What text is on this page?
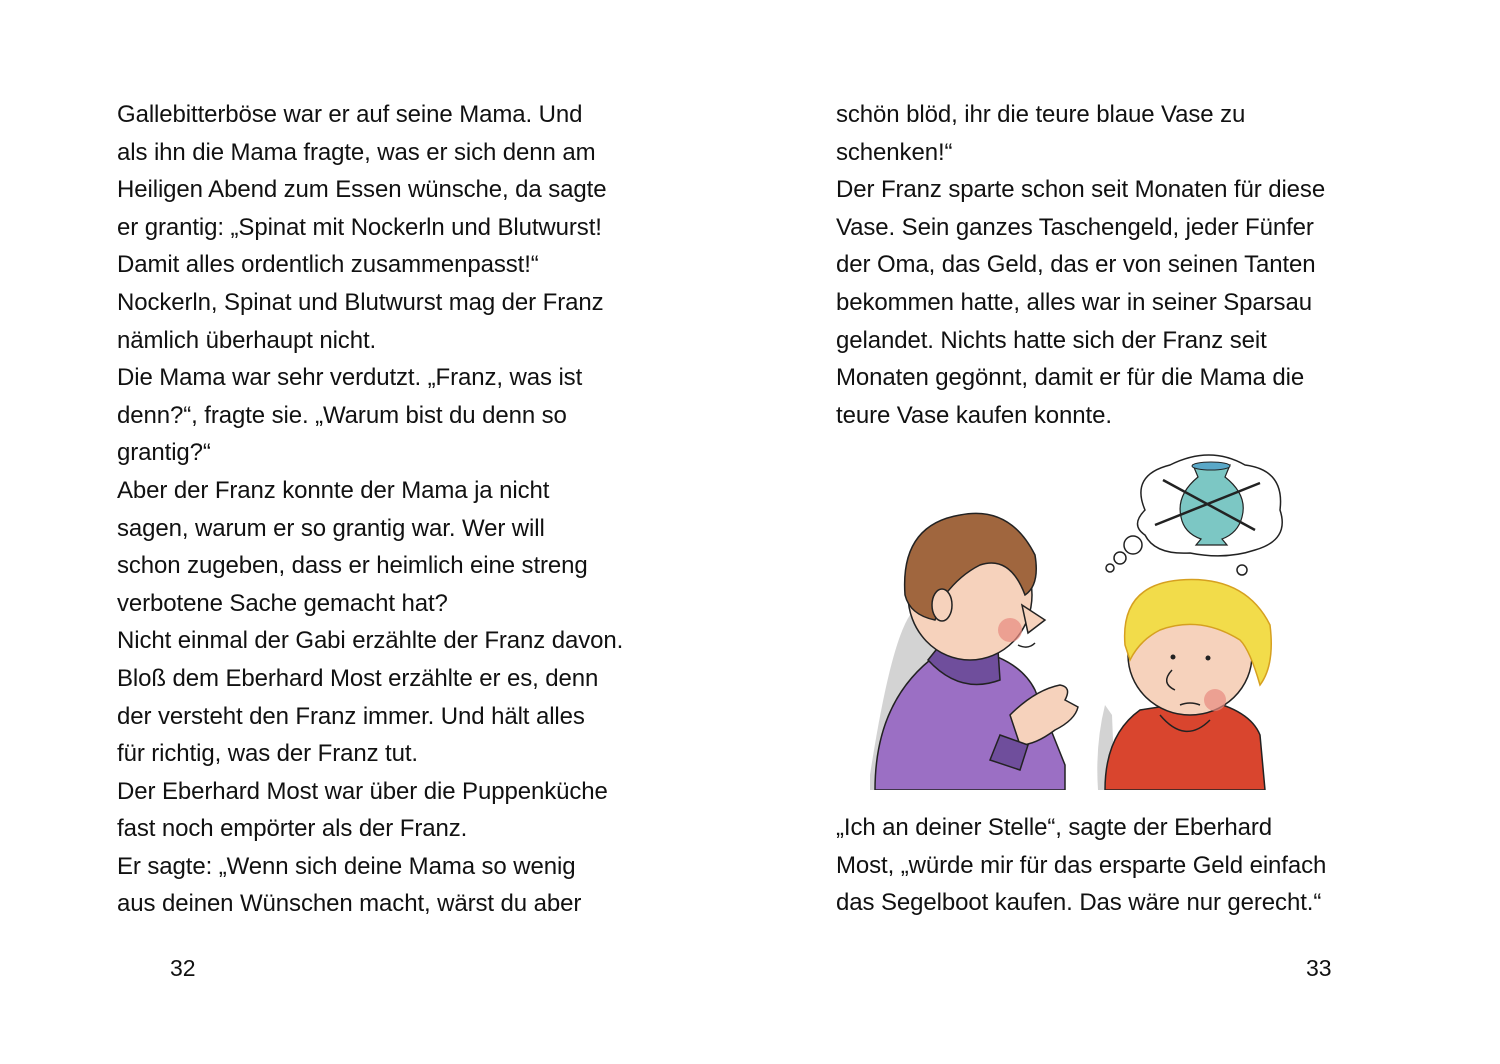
Gallebitterböse war er auf seine Mama. Und
als ihn die Mama fragte, was er sich denn am
Heiligen Abend zum Essen wünsche, da sagte
er grantig: „Spinat mit Nockerln und Blutwurst!
Damit alles ordentlich zusammenpasst!“
Nockerln, Spinat und Blutwurst mag der Franz
nämlich überhaupt nicht.
Die Mama war sehr verdutzt. „Franz, was ist
denn?“, fragte sie. „Warum bist du denn so
grantig?“
Aber der Franz konnte der Mama ja nicht
sagen, warum er so grantig war. Wer will
schon zugeben, dass er heimlich eine streng
verbotene Sache gemacht hat?
Nicht einmal der Gabi erzählte der Franz davon.
Bloß dem Eberhard Most erzählte er es, denn
der versteht den Franz immer. Und hält alles
für richtig, was der Franz tut.
Der Eberhard Most war über die Puppenküche
fast noch empörter als der Franz.
Er sagte: „Wenn sich deine Mama so wenig
aus deinen Wünschen macht, wärst du aber
32
schön blöd, ihr die teure blaue Vase zu
schenken!“
Der Franz sparte schon seit Monaten für diese
Vase. Sein ganzes Taschengeld, jeder Fünfer
der Oma, das Geld, das er von seinen Tanten
bekommen hatte, alles war in seiner Sparsau
gelandet. Nichts hatte sich der Franz seit
Monaten gegönnt, damit er für die Mama die
teure Vase kaufen konnte.
„Ich an deiner Stelle“, sagte der Eberhard
Most, „würde mir für das ersparte Geld einfach
das Segelboot kaufen. Das wäre nur gerecht.“
33
